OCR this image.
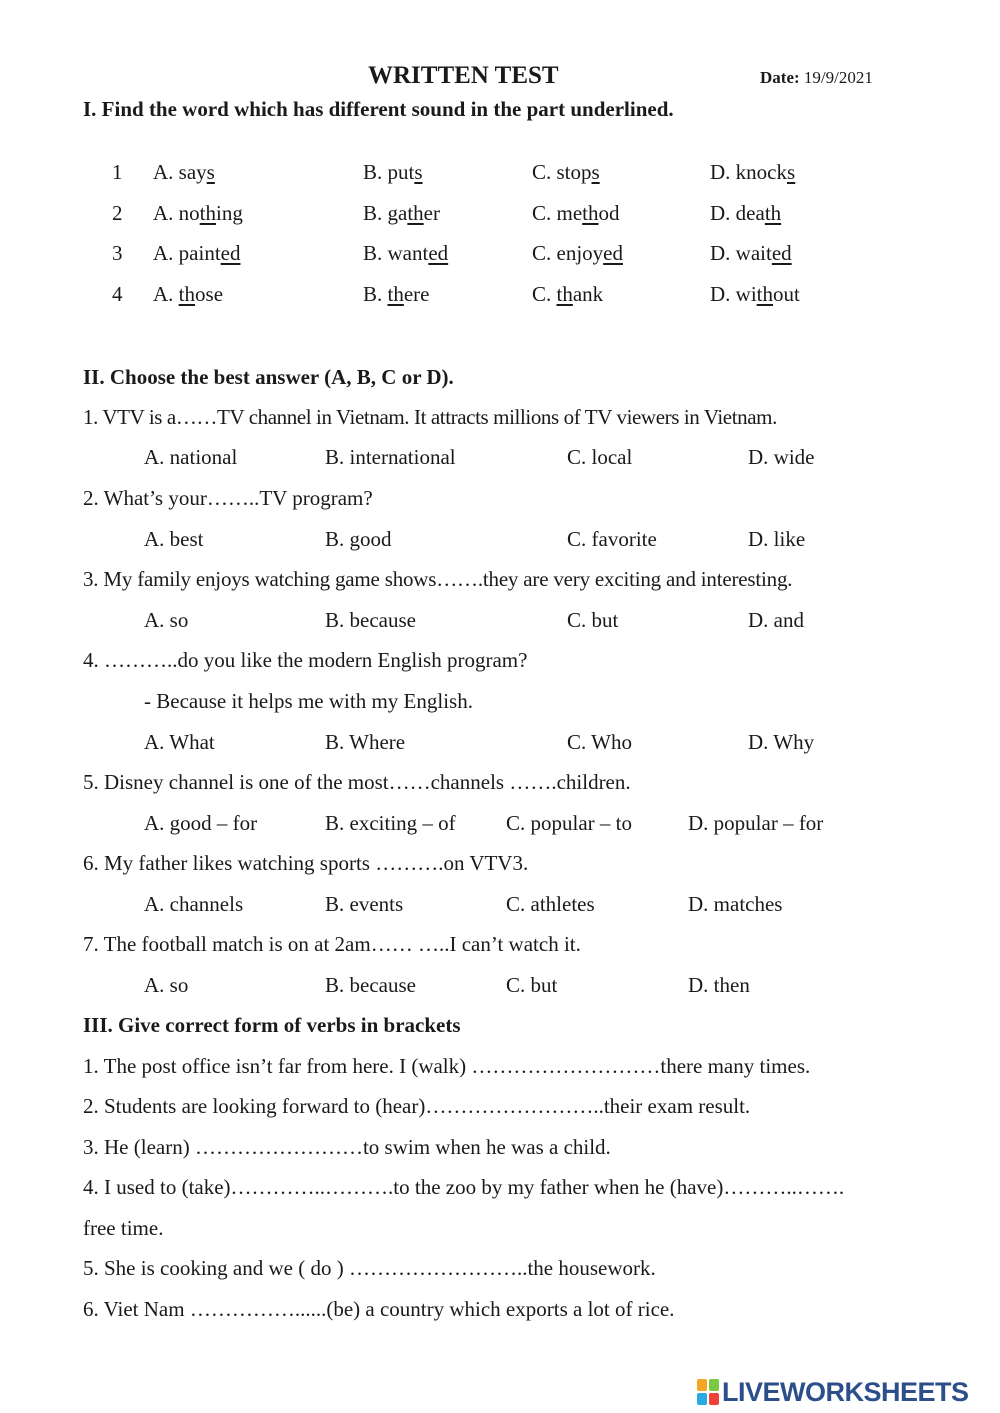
WRITTEN TEST	Date: 19/9/2021
I. Find the word which has different sound in the part underlined.
1 A. says	B. puts	C. stops	D. knocks
2 A. nothing	B. gather	C. method	D. death
3 A. painted	B. wanted	C. enjoyed	D. waited
4 A. those	B. there	C. thank	D. without
II. Choose the best answer (A, B, C or D).
1. VTV is a……TV channel in Vietnam. It attracts millions of TV viewers in Vietnam.
A. national	B. international	C. local	D. wide
2. What’s your……..TV program?
A. best	B. good	C. favorite	D. like
3. My family enjoys watching game shows…….they are very exciting and interesting.
A. so	B. because	C. but	D. and
4. ………..do you like the modern English program?
- Because it helps me with my English.
A. What	B. Where	C. Who	D. Why
5. Disney channel is one of the most……channels …….children.
A. good – for	B. exciting – of C. popular – to	D. popular – for
6. My father likes watching sports ……….on VTV3.
A. channels	B. events	C. athletes	D. matches
7. The football match is on at 2am…… …..I can’t watch it.
A. so	B. because	C. but	D. then
III. Give correct form of verbs in brackets
1. The post office isn’t far from here. I (walk) ………………………there many times.
2. Students are looking forward to (hear)……………………..their exam result.
3. He (learn) ……………………to swim when he was a child.
4. I used to (take)…………..……….to the zoo by my father when he (have)………..…….
free time.
5. She is cooking and we ( do ) ……………………..the housework.
6. Viet Nam ……………......(be) a country which exports a lot of rice.
LIVEWORKSHEETS
